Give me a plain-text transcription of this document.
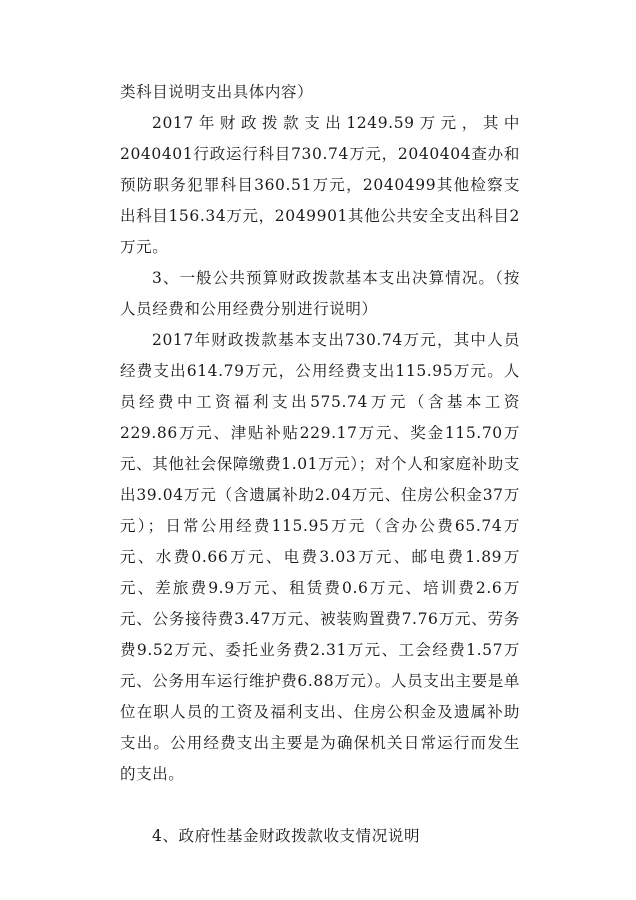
类科目说明支出具体内容）

2017年财政拨款支出1249.59万元，其中2040401行政运行科目730.74万元，2040404查办和预防职务犯罪科目360.51万元，2040499其他检察支出科目156.34万元，2049901其他公共安全支出科目2万元。

3、一般公共预算财政拨款基本支出决算情况。（按人员经费和公用经费分别进行说明）

2017年财政拨款基本支出730.74万元，其中人员经费支出614.79万元，公用经费支出115.95万元。人员经费中工资福利支出575.74万元（含基本工资229.86万元、津贴补贴229.17万元、奖金115.70万元、其他社会保障缴费1.01万元）；对个人和家庭补助支出39.04万元（含遗属补助2.04万元、住房公积金37万元）；日常公用经费115.95万元（含办公费65.74万元、水费0.66万元、电费3.03万元、邮电费1.89万元、差旅费9.9万元、租赁费0.6万元、培训费2.6万元、公务接待费3.47万元、被装购置费7.76万元、劳务费9.52万元、委托业务费2.31万元、工会经费1.57万元、公务用车运行维护费6.88万元）。人员支出主要是单位在职人员的工资及福利支出、住房公积金及遗属补助支出。公用经费支出主要是为确保机关日常运行而发生的支出。

4、政府性基金财政拨款收支情况说明
